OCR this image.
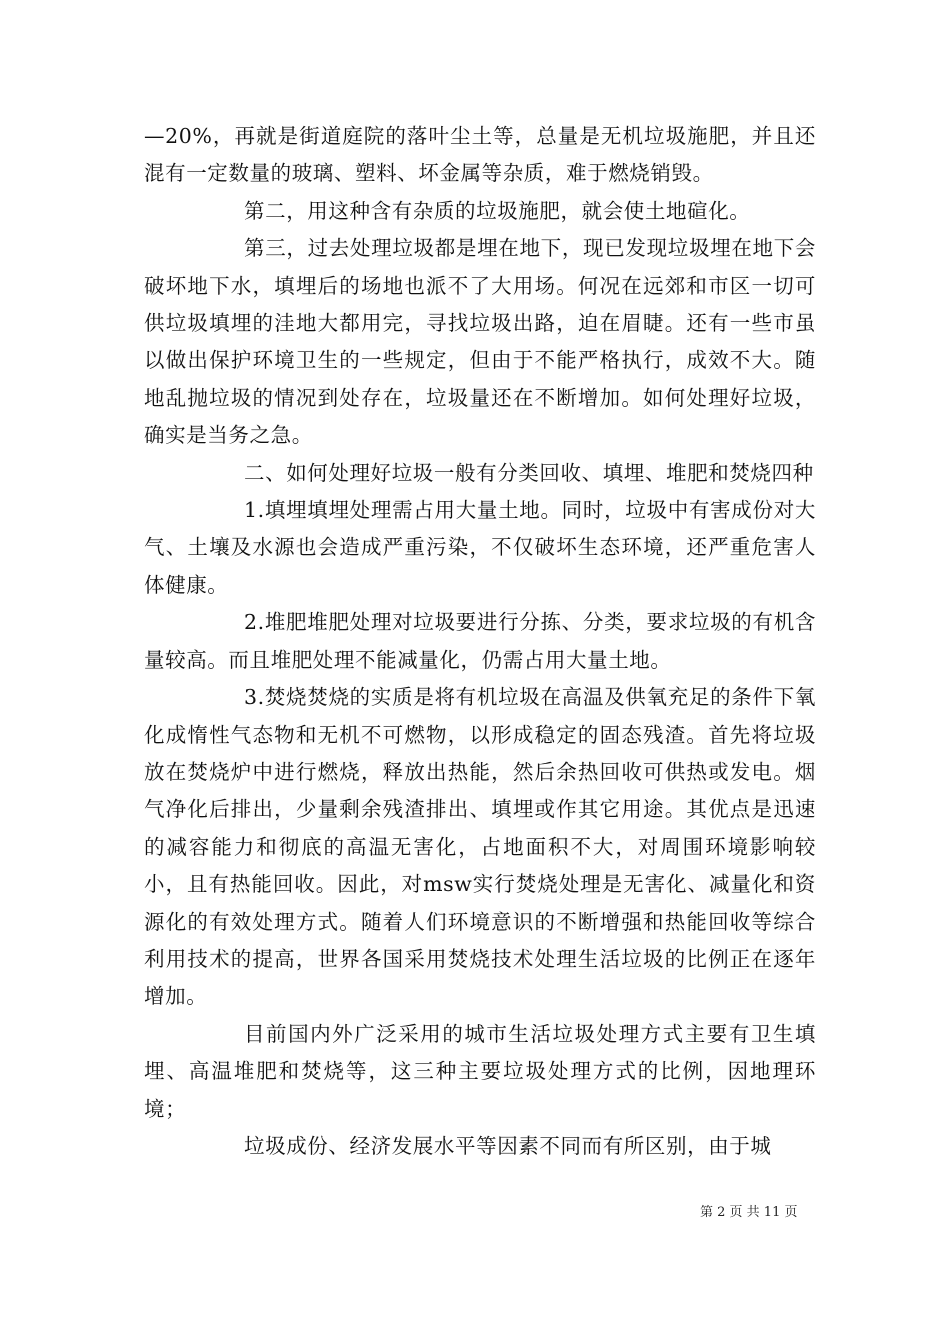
—20%，再就是街道庭院的落叶尘土等，总量是无机垃圾施肥，并且还混有一定数量的玻璃、塑料、坏金属等杂质，难于燃烧销毁。

第二，用这种含有杂质的垃圾施肥，就会使土地碹化。

第三，过去处理垃圾都是埋在地下，现已发现垃圾埋在地下会破坏地下水，填埋后的场地也派不了大用场。何况在远郊和市区一切可供垃圾填埋的洼地大都用完，寻找垃圾出路，迫在眉睫。还有一些市虽以做出保护环境卫生的一些规定，但由于不能严格执行，成效不大。随地乱抛垃圾的情况到处存在，垃圾量还在不断增加。如何处理好垃圾，确实是当务之急。

二、如何处理好垃圾一般有分类回收、填埋、堆肥和焚烧四种

1.填埋填埋处理需占用大量土地。同时，垃圾中有害成份对大气、土壤及水源也会造成严重污染，不仅破坏生态环境，还严重危害人体健康。

2.堆肥堆肥处理对垃圾要进行分拣、分类，要求垃圾的有机含量较高。而且堆肥处理不能减量化，仍需占用大量土地。

3.焚烧焚烧的实质是将有机垃圾在高温及供氧充足的条件下氧化成惰性气态物和无机不可燃物，以形成稳定的固态残渣。首先将垃圾放在焚烧炉中进行燃烧，释放出热能，然后余热回收可供热或发电。烟气净化后排出，少量剩余残渣排出、填埋或作其它用途。其优点是迅速的减容能力和彻底的高温无害化，占地面积不大，对周围环境影响较小，且有热能回收。因此，对msw实行焚烧处理是无害化、减量化和资源化的有效处理方式。随着人们环境意识的不断增强和热能回收等综合利用技术的提高，世界各国采用焚烧技术处理生活垃圾的比例正在逐年增加。

目前国内外广泛采用的城市生活垃圾处理方式主要有卫生填埋、高温堆肥和焚烧等，这三种主要垃圾处理方式的比例，因地理环境；

垃圾成份、经济发展水平等因素不同而有所区别，由于城

第 2 页 共 11 页
